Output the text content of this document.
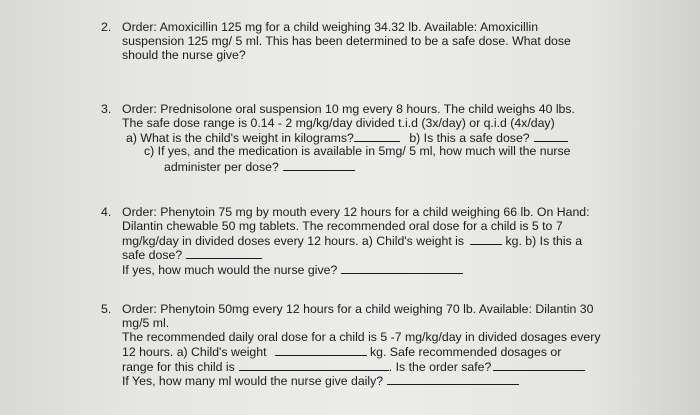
2. Order: Amoxicillin 125 mg for a child weighing 34.32 lb. Available: Amoxicillin
suspension 125 mg/ 5 ml. This has been determined to be a safe dose. What dose
should the nurse give?
3. Order: Prednisolone oral suspension 10 mg every 8 hours. The child weighs 40 lbs.
The safe dose range is 0.14 - 2 mg/kg/day divided t.i.d (3x/day) or q.i.d (4x/day)
a) What is the child's weight in kilograms?	b) Is this a safe dose?
c) If yes, and the medication is available in 5mg/ 5 ml, how much will the nurse
administer per dose?
4. Order: Phenytoin 75 mg by mouth every 12 hours for a child weighing 66 lb. On Hand:
Dilantin chewable 50 mg tablets. The recommended oral dose for a child is 5 to 7
mg/kg/day in divided doses every 12 hours. a) Child's weight is	kg. b) Is this a
safe dose?
If yes, how much would the nurse give?
5. Order: Phenytoin 50mg every 12 hours for a child weighing 70 lb. Available: Dilantin 30
mg/5 ml.
The recommended daily oral dose for a child is 5 -7 mg/kg/day in divided dosages every
12 hours. a) Child's weight	kg. Safe recommended dosages or
range for this child is	. Is the order safe?
If Yes, how many ml would the nurse give daily?
